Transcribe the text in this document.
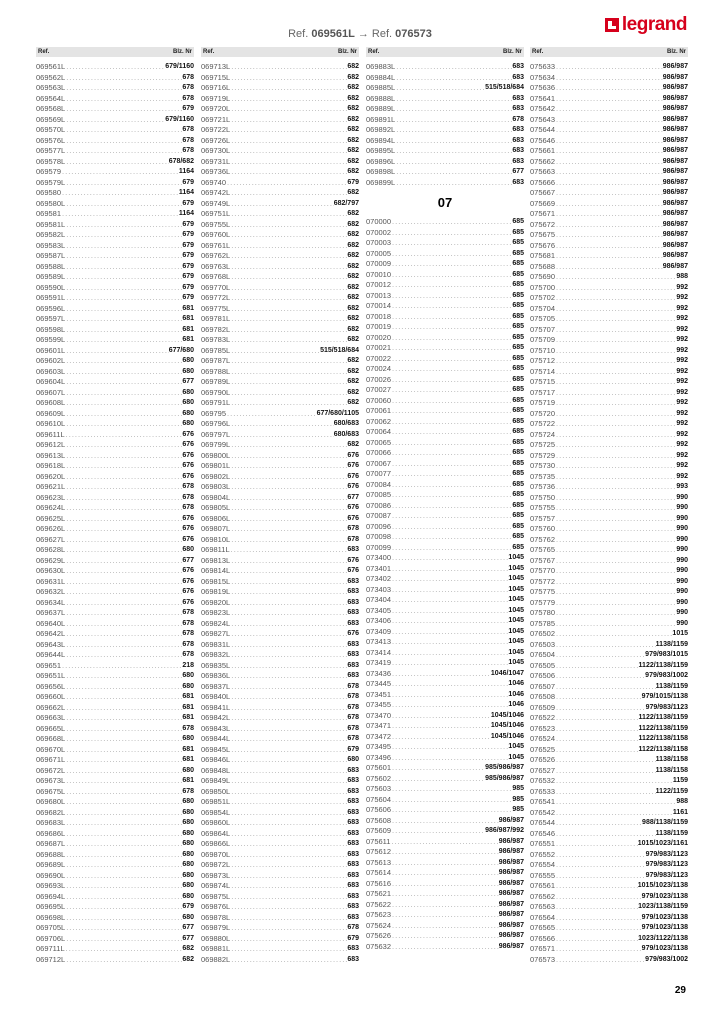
Ref. 069561L → Ref. 076573	legrand
Ref.	Blz. Nr
069561L .....	679/1160
069562L .....	678
069563L .....	678
069564L .....	678
069568L .....	679
069569L .....	679/1160
069570L .....	678
069576L .....	678
069577L .....	678
069578L .....	678/682
069579 .....	1164
069579L .....	679
069580 .....	1164
069580L .....	679
069581 .....	1164
069581L .....	679
069582L .....	679
069583L .....	679
069587L .....	679
069588L .....	679
069589L .....	679
069590L .....	679
069591L .....	679
069596L .....	681
069597L .....	681
069598L .....	681
069599L .....	681
069601L .....	677/680
069602L .....	680
069603L .....	680
069604L .....	677
069607L .....	680
069608L .....	680
069609L .....	680
069610L .....	680
069611L .....	676
069612L .....	676
069613L .....	676
069618L .....	676
069620L .....	676
069621L .....	678
069623L .....	678
069624L .....	678
069625L .....	676
069626L .....	676
069627L .....	676
069628L .....	680
069629L .....	677
069630L .....	676
069631L .....	676
069632L .....	676
069634L .....	676
069637L .....	678
069640L .....	678
069642L .....	678
069643L .....	678
069644L .....	678
069651 .....	218
069651L .....	680
069656L .....	680
069660L .....	681
069662L .....	681
069663L .....	681
069665L .....	678
069668L .....	680
069670L .....	681
069671L .....	681
069672L .....	680
069673L .....	681
069675L .....	678
069680L .....	680
069682L .....	680
069683L .....	680
069686L .....	680
069687L .....	680
069688L .....	680
069689L .....	680
069690L .....	680
069693L .....	680
069694L .....	680
069695L .....	679
069698L .....	680
069705L .....	677
069706L .....	677
069711L .....	682
069712L .....	682
Ref.	Blz. Nr
069713L .....	682
069715L .....	682
069716L .....	682
069719L .....	682
069720L .....	682
069721L .....	682
069722L .....	682
069726L .....	682
069730L .....	682
069731L .....	682
069736L .....	682
069740 .....	679
069742L .....	682
069749L .....	682/797
069751L .....	682
069755L .....	682
069760L .....	682
069761L .....	682
069762L .....	682
069763L .....	682
069768L .....	682
069770L .....	682
069772L .....	682
069775L .....	682
069781L .....	682
069782L .....	682
069783L .....	682
069785L .....	515/518/684
069787L .....	682
069788L .....	682
069789L .....	682
069790L .....	682
069791L .....	682
069795 .....	677/680/1105
069796L .....	680/683
069797L .....	680/683
069799L .....	682
069800L .....	676
069801L .....	676
069802L .....	676
069803L .....	676
069804L .....	677
069805L .....	676
069806L .....	676
069807L .....	678
069810L .....	678
069811L .....	683
069813L .....	676
069814L .....	676
069815L .....	683
069819L .....	683
069820L .....	683
069823L .....	683
069824L .....	683
069827L .....	676
069831L .....	683
069832L .....	683
069835L .....	683
069836L .....	683
069837L .....	678
069840L .....	678
069841L .....	678
069842L .....	678
069843L .....	678
069844L .....	678
069845L .....	679
069846L .....	680
069848L .....	683
069849L .....	683
069850L .....	683
069851L .....	683
069854L .....	683
069860L .....	683
069864L .....	683
069866L .....	683
069870L .....	683
069872L .....	683
069873L .....	683
069874L .....	683
069875L .....	683
069876L .....	683
069878L .....	683
069879L .....	678
069880L .....	679
069881L .....	683
069882L .....	683
Ref.	Blz. Nr
069883L .....	683
069884L .....	683
069885L .....	515/518/684
069888L .....	683
069889L .....	683
069891L .....	678
069892L .....	683
069894L .....	683
069895L .....	683
069896L .....	683
069898L .....	677
069899L .....	683
07
070000 .....	685
070002 .....	685
070003 .....	685
070005 .....	685
070009 .....	685
070010 .....	685
070012 .....	685
070013 .....	685
070014 .....	685
070018 .....	685
070019 .....	685
070020 .....	685
070021 .....	685
070022 .....	685
070024 .....	685
070026 .....	685
070027 .....	685
070060 .....	685
070061 .....	685
070062 .....	685
070064 .....	685
070065 .....	685
070066 .....	685
070067 .....	685
070077 .....	685
070084 .....	685
070085 .....	685
070086 .....	685
070087 .....	685
070096 .....	685
070098 .....	685
070099 .....	685
073400 .....	1045
073401 .....	1045
073402 .....	1045
073403 .....	1045
073404 .....	1045
073405 .....	1045
073406 .....	1045
073409 .....	1045
073413 .....	1045
073414 .....	1045
073419 .....	1045
073436 .....	1046/1047
073445 .....	1046
073451 .....	1046
073455 .....	1046
073470 .....	1045/1046
073471 .....	1045/1046
073472 .....	1045/1046
073495 .....	1045
073496 .....	1045
075601 .....	985/986/987
075602 .....	985/986/987
075603 .....	985
075604 .....	985
075606 .....	985
075608 .....	986/987
075609 .....	986/987/992
075611 .....	986/987
075612 .....	986/987
075613 .....	986/987
075614 .....	986/987
075616 .....	986/987
075621 .....	986/987
075622 .....	986/987
075623 .....	986/987
075624 .....	986/987
075626 .....	986/987
075632 .....	986/987
Ref.	Blz. Nr
075633 .....	986/987
075634 .....	986/987
075636 .....	986/987
075641 .....	986/987
075642 .....	986/987
075643 .....	986/987
075644 .....	986/987
075646 .....	986/987
075661 .....	986/987
075662 .....	986/987
075663 .....	986/987
075666 .....	986/987
075667 .....	986/987
075669 .....	986/987
075671 .....	986/987
075672 .....	986/987
075675 .....	986/987
075676 .....	986/987
075681 .....	986/987
075688 .....	986/987
075690 .....	988
075700 .....	992
075702 .....	992
075704 .....	992
075705 .....	992
075707 .....	992
075709 .....	992
075710 .....	992
075712 .....	992
075714 .....	992
075715 .....	992
075717 .....	992
075719 .....	992
075720 .....	992
075722 .....	992
075724 .....	992
075725 .....	992
075729 .....	992
075730 .....	992
075735 .....	992
075736 .....	993
075750 .....	990
075755 .....	990
075757 .....	990
075760 .....	990
075762 .....	990
075765 .....	990
075767 .....	990
075770 .....	990
075772 .....	990
075775 .....	990
075779 .....	990
075780 .....	990
075785 .....	990
076502 .....	1015
076503 .....	1138/1159
076504 .....	979/983/1015
076505 .....	1122/1138/1159
076506 .....	979/983/1002
076507 .....	1138/1159
076508 .....	979/1015/1138
076509 .....	979/983/1123
076522 .....	1122/1138/1159
076523 .....	1122/1138/1159
076524 .....	1122/1138/1158
076525 .....	1122/1138/1158
076526 .....	1138/1158
076527 .....	1138/1158
076532 .....	1159
076533 .....	1122/1159
076541 .....	988
076542 .....	1161
076544 .....	988/1138/1159
076546 .....	1138/1159
076551 .....	1015/1023/1161
076552 .....	979/983/1123
076554 .....	979/983/1123
076555 .....	979/983/1123
076561 .....	1015/1023/1138
076562 .....	979/1023/1138
076563 .....	1023/1138/1159
076564 .....	979/1023/1138
076565 .....	979/1023/1138
076566 .....	1023/1122/1138
076571 .....	979/1023/1138
076573 .....	979/983/1002
29
